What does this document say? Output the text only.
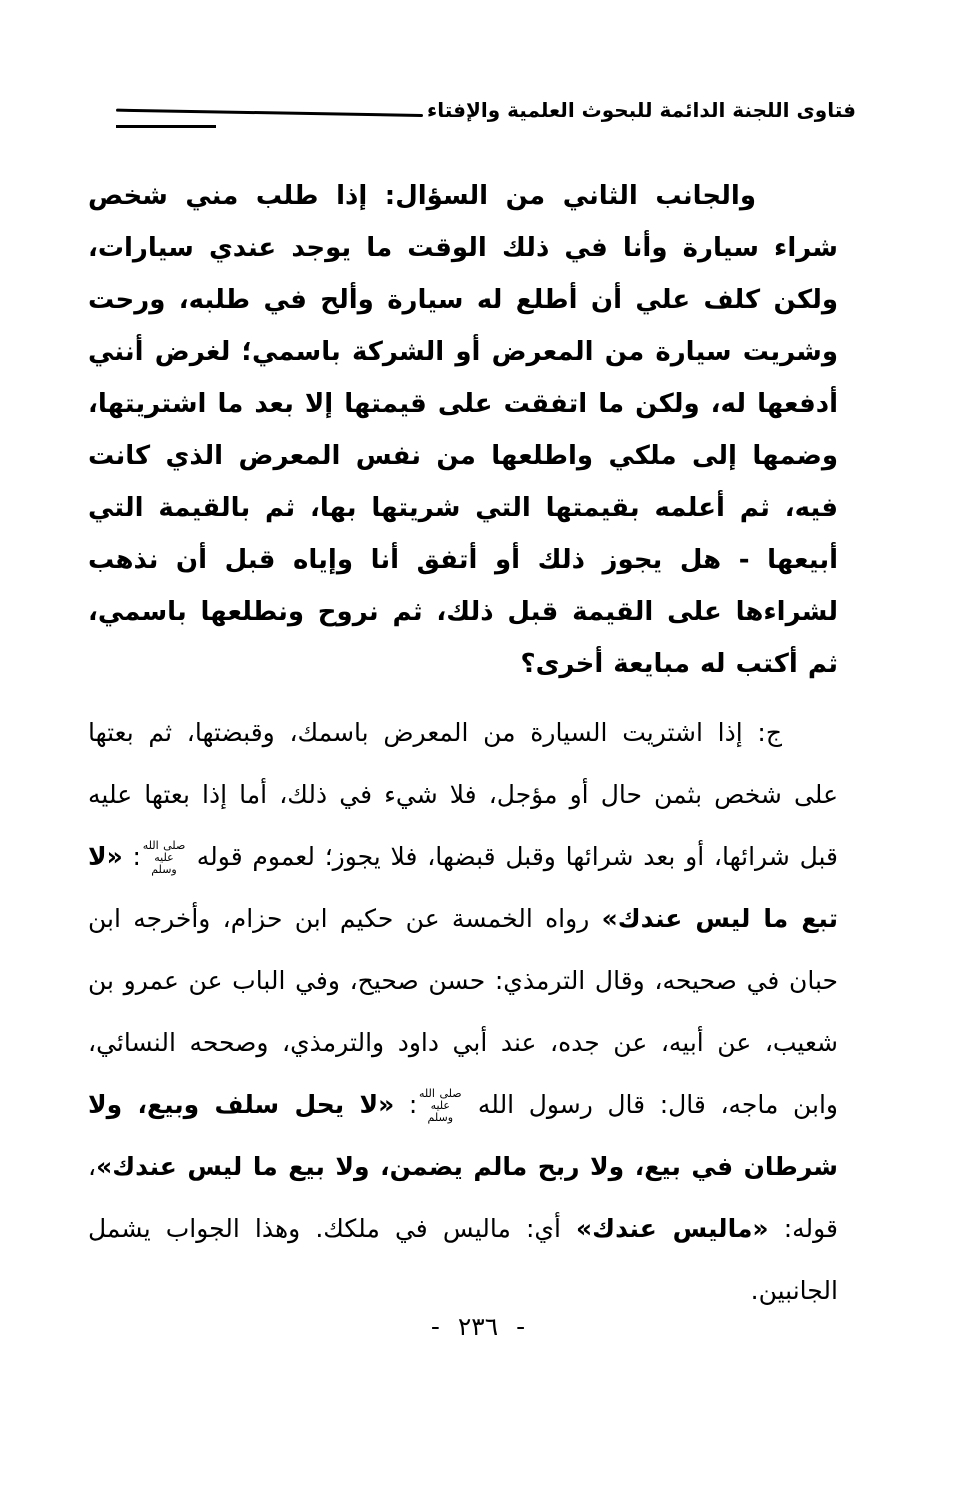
فتاوى اللجنة الدائمة للبحوث العلمية والإفتاء

والجانب الثاني من السؤال: إذا طلب مني شخص شراء سيارة وأنا في ذلك الوقت ما يوجد عندي سيارات، ولكن كلف علي أن أطلع له سيارة وألح في طلبه، ورحت وشريت سيارة من المعرض أو الشركة باسمي؛ لغرض أنني أدفعها له، ولكن ما اتفقت على قيمتها إلا بعد ما اشتريتها، وضمها إلى ملكي واطلعها من نفس المعرض الذي كانت فيه، ثم أعلمه بقيمتها التي شريتها بها، ثم بالقيمة التي أبيعها - هل يجوز ذلك أو أتفق أنا وإياه قبل أن نذهب لشراءها على القيمة قبل ذلك، ثم نروح ونطلعها باسمي، ثم أكتب له مبايعة أخرى؟

ج: إذا اشتريت السيارة من المعرض باسمك، وقبضتها، ثم بعتها على شخص بثمن حال أو مؤجل، فلا شيء في ذلك، أما إذا بعتها عليه قبل شرائها، أو بعد شرائها وقبل قبضها، فلا يجوز؛ لعموم قوله صلى الله عليه وسلم: «لا تبع ما ليس عندك» رواه الخمسة عن حكيم ابن حزام، وأخرجه ابن حبان في صحيحه، وقال الترمذي: حسن صحيح، وفي الباب عن عمرو بن شعيب، عن أبيه، عن جده، عند أبي داود والترمذي، وصححه النسائي، وابن ماجه، قال: قال رسول الله صلى الله عليه وسلم: «لا يحل سلف وبيع، ولا شرطان في بيع، ولا ربح مالم يضمن، ولا بيع ما ليس عندك»، قوله: «ماليس عندك» أي: ماليس في ملكك. وهذا الجواب يشمل الجانبين.

- ٢٣٦ -
